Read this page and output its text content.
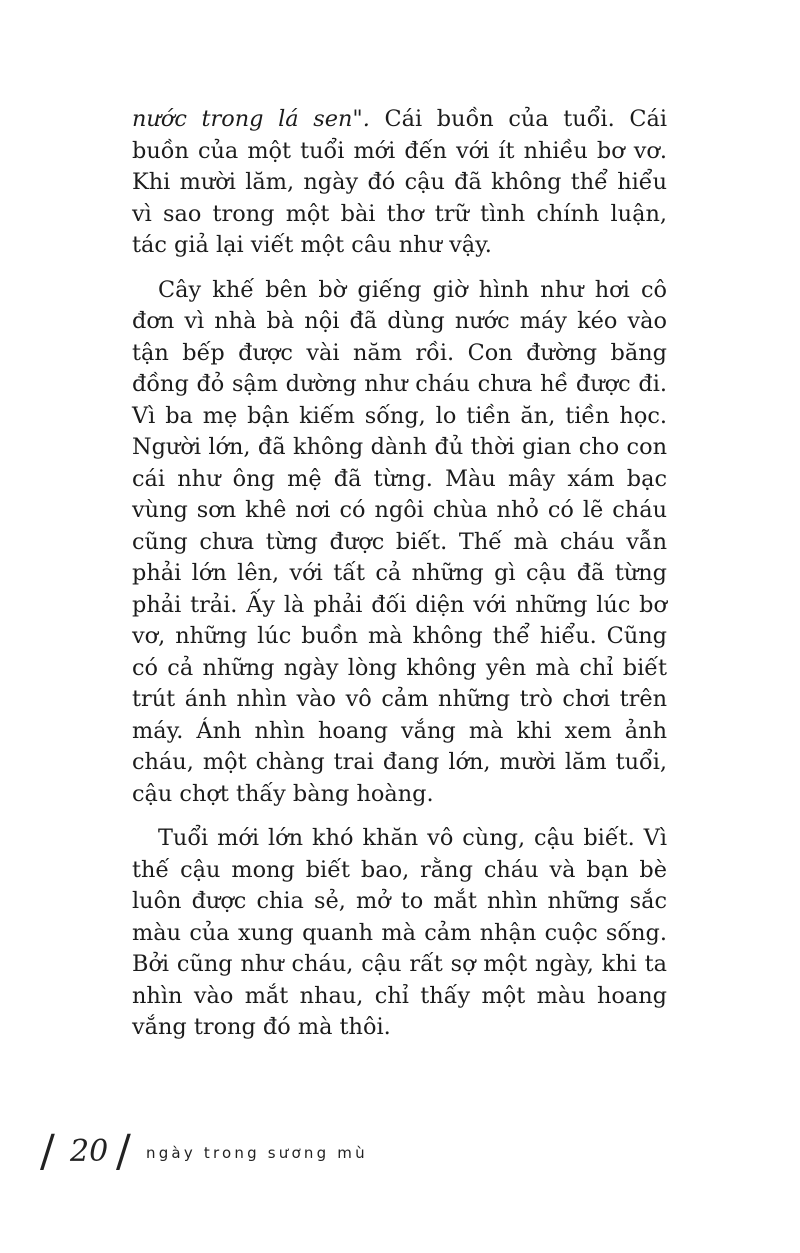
nước trong lá sen". Cái buồn của tuổi. Cái buồn của một tuổi mới đến với ít nhiều bơ vơ. Khi mười lăm, ngày đó cậu đã không thể hiểu vì sao trong một bài thơ trữ tình chính luận, tác giả lại viết một câu như vậy.

Cây khế bên bờ giếng giờ hình như hơi cô đơn vì nhà bà nội đã dùng nước máy kéo vào tận bếp được vài năm rồi. Con đường băng đồng đỏ sậm dường như cháu chưa hề được đi. Vì ba mẹ bận kiếm sống, lo tiền ăn, tiền học. Người lớn, đã không dành đủ thời gian cho con cái như ông mệ đã từng. Màu mây xám bạc vùng sơn khê nơi có ngôi chùa nhỏ có lẽ cháu cũng chưa từng được biết. Thế mà cháu vẫn phải lớn lên, với tất cả những gì cậu đã từng phải trải. Ấy là phải đối diện với những lúc bơ vơ, những lúc buồn mà không thể hiểu. Cũng có cả những ngày lòng không yên mà chỉ biết trút ánh nhìn vào vô cảm những trò chơi trên máy. Ánh nhìn hoang vắng mà khi xem ảnh cháu, một chàng trai đang lớn, mười lăm tuổi, cậu chợt thấy bàng hoàng.

Tuổi mới lớn khó khăn vô cùng, cậu biết. Vì thế cậu mong biết bao, rằng cháu và bạn bè luôn được chia sẻ, mở to mắt nhìn những sắc màu của xung quanh mà cảm nhận cuộc sống. Bởi cũng như cháu, cậu rất sợ một ngày, khi ta nhìn vào mắt nhau, chỉ thấy một màu hoang vắng trong đó mà thôi.

/ 20 / ngày trong sương mù
